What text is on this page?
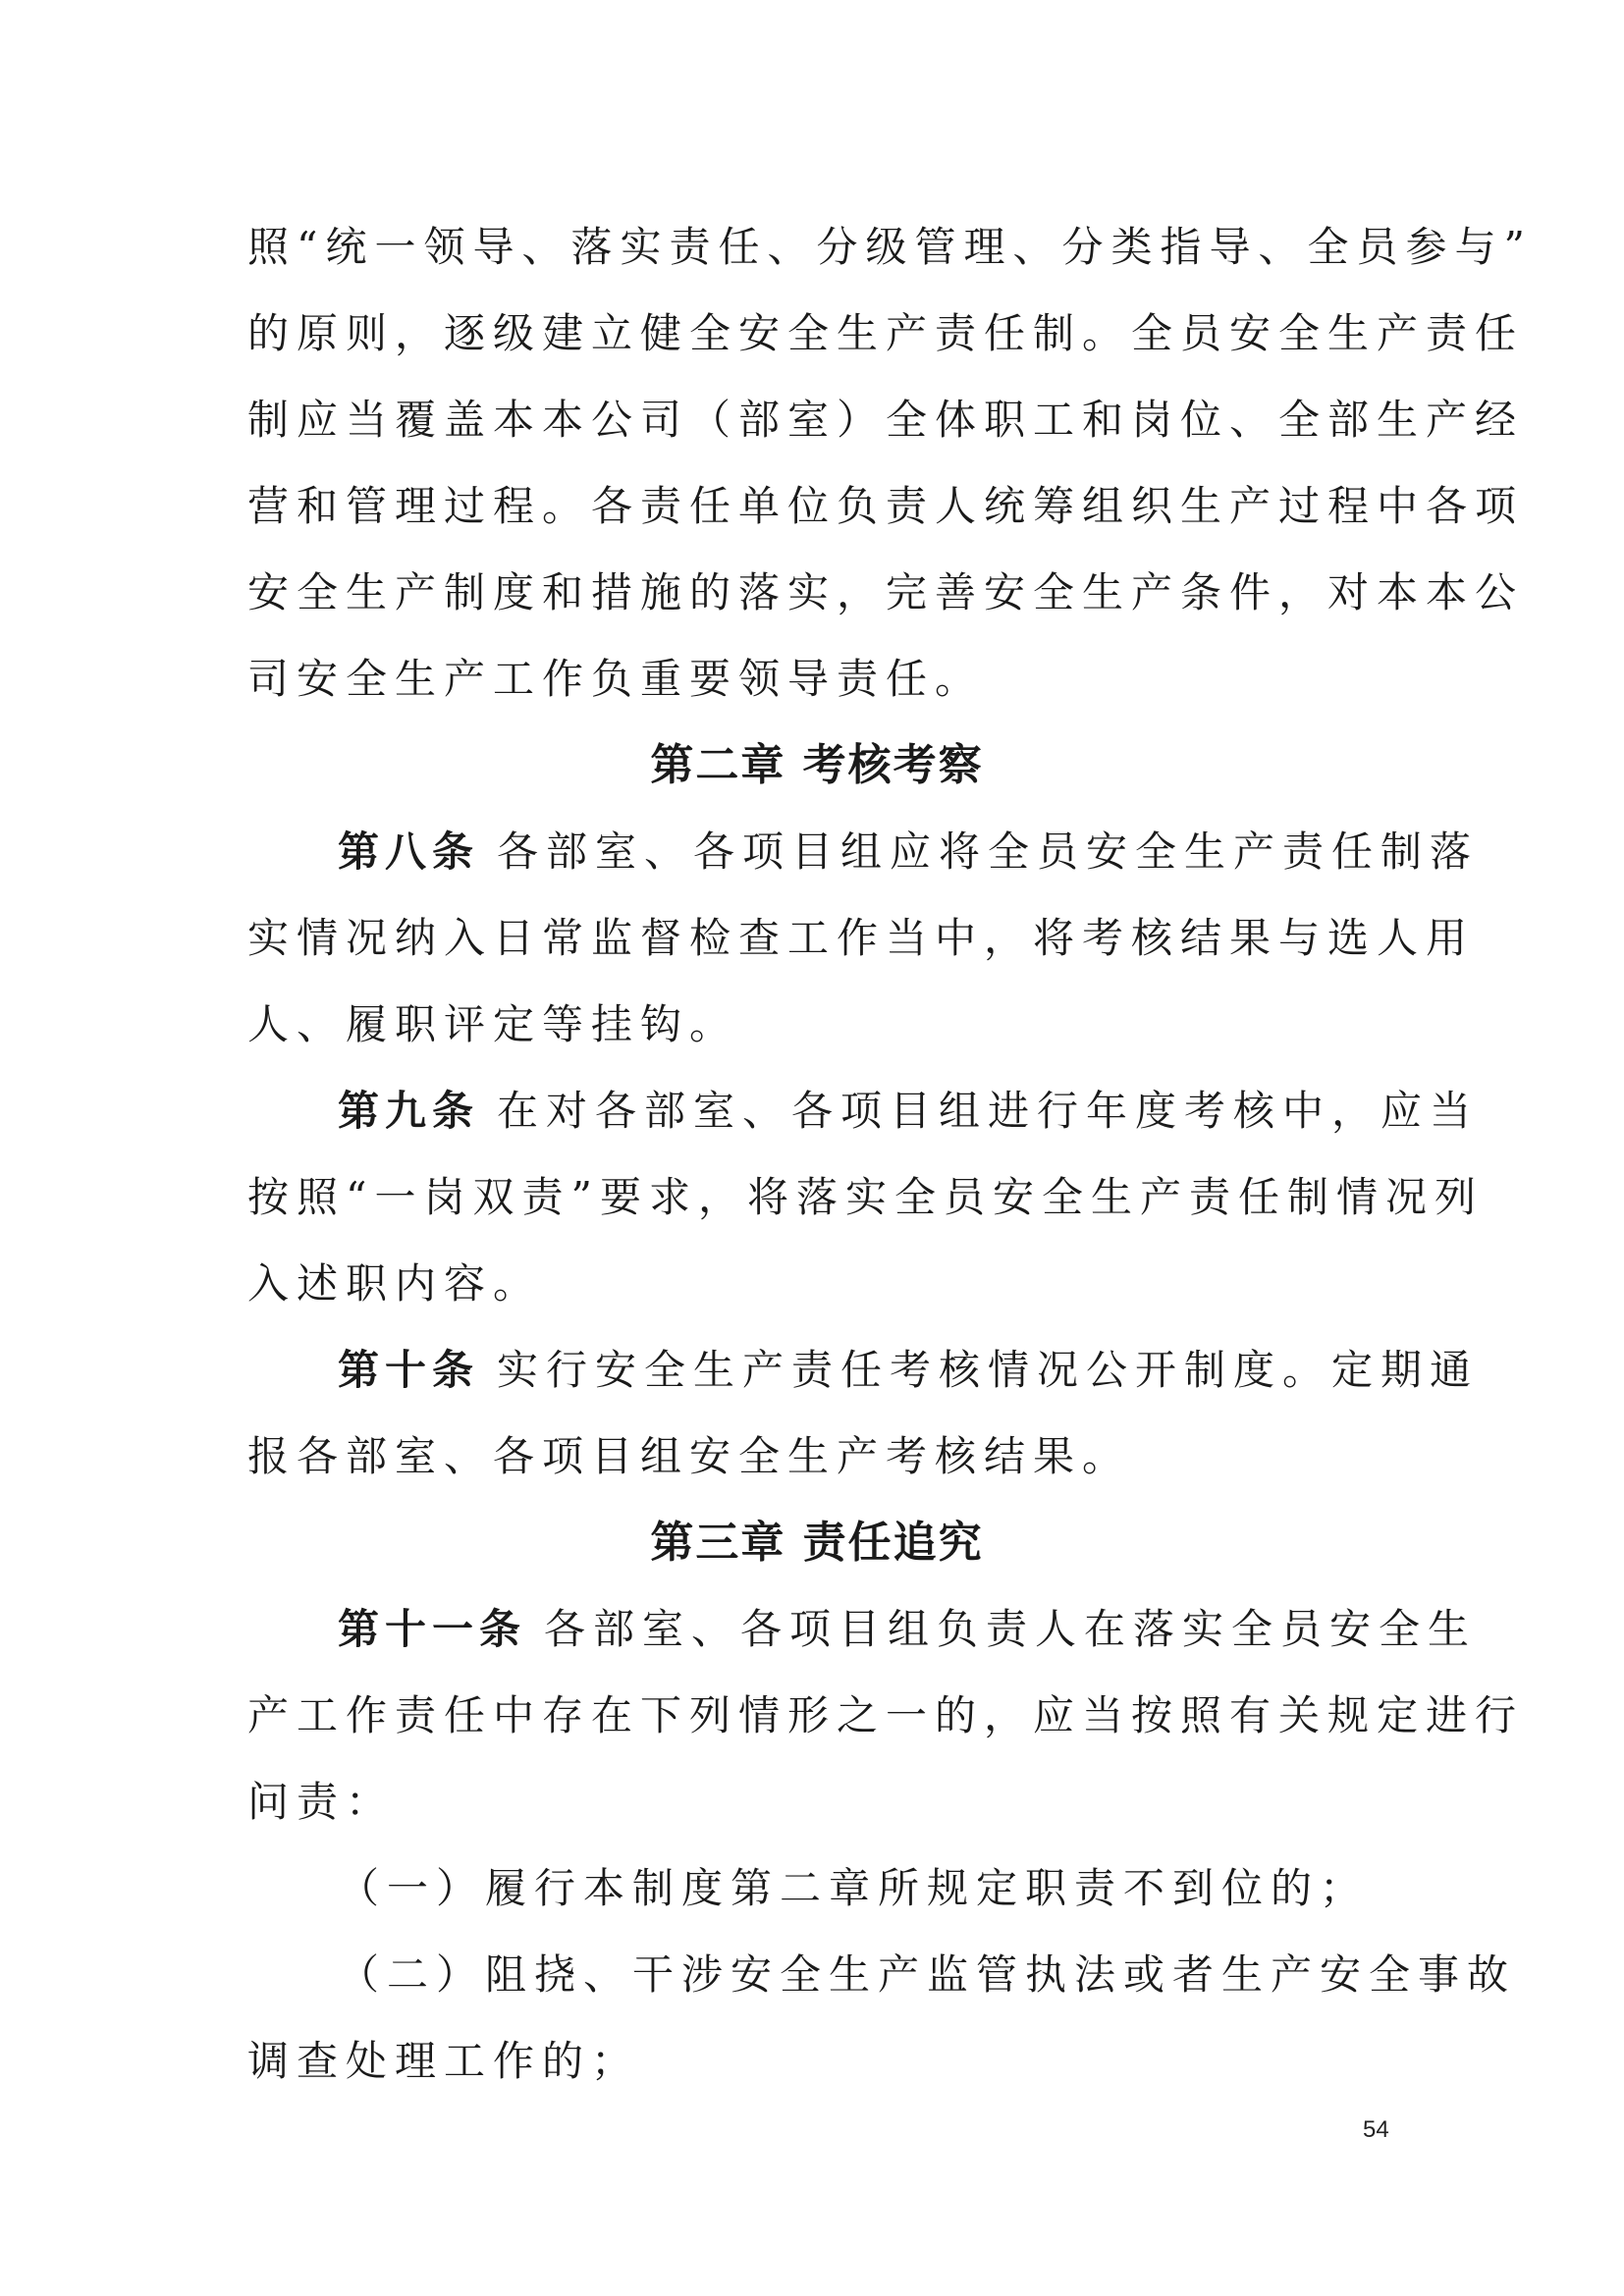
照“统一领导、落实责任、分级管理、分类指导、全员参与”
的原则，逐级建立健全安全生产责任制。全员安全生产责任
制应当覆盖本本公司（部室）全体职工和岗位、全部生产经
营和管理过程。各责任单位负责人统筹组织生产过程中各项
安全生产制度和措施的落实，完善安全生产条件，对本本公
司安全生产工作负重要领导责任。
第二章 考核考察
第八条 各部室、各项目组应将全员安全生产责任制落
实情况纳入日常监督检查工作当中，将考核结果与选人用
人、履职评定等挂钩。
第九条 在对各部室、各项目组进行年度考核中，应当
按照“一岗双责”要求，将落实全员安全生产责任制情况列
入述职内容。
第十条 实行安全生产责任考核情况公开制度。定期通
报各部室、各项目组安全生产考核结果。
第三章 责任追究
第十一条 各部室、各项目组负责人在落实全员安全生
产工作责任中存在下列情形之一的，应当按照有关规定进行
问责：
（一）履行本制度第二章所规定职责不到位的；
（二）阻挠、干涉安全生产监管执法或者生产安全事故
调查处理工作的；
54
